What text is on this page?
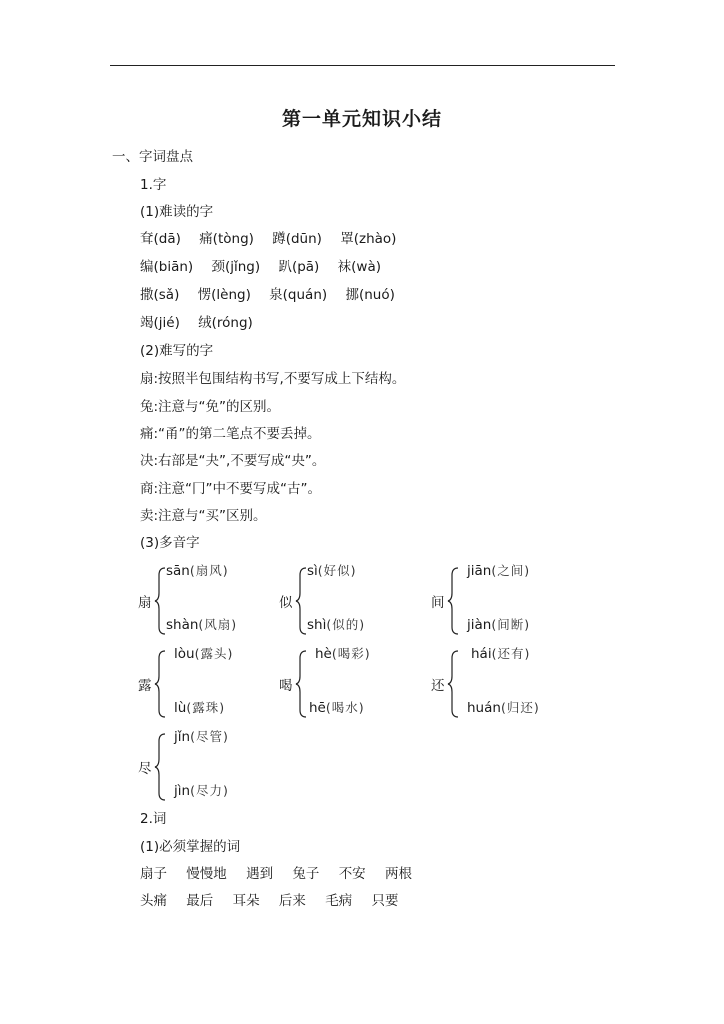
第一单元知识小结
一、字词盘点
1.字
(1)难读的字
耷(dā) 痛(tòng) 蹲(dūn) 罩(zhào)
编(biān) 颈(jǐng) 趴(pā) 袜(wà)
撒(sǎ) 愣(lèng) 泉(quán) 挪(nuó)
竭(jié) 绒(róng)
(2)难写的字
扇:按照半包围结构书写,不要写成上下结构。
兔:注意与“免”的区别。
痛:“甬”的第二笔点不要丢掉。
决:右部是“夬”,不要写成“央”。
商:注意“冂”中不要写成“古”。
卖:注意与“买”区别。
(3)多音字
扇
sān(扇风)
shàn(风扇)
似
sì(好似)
shì(似的)
间
jiān(之间)
jiàn(间断)
露
lòu(露头)
lù(露珠)
喝
hè(喝彩)
hē(喝水)
还
hái(还有)
huán(归还)
尽
jǐn(尽管)
jìn(尽力)
2.词
(1)必须掌握的词
扇子 慢慢地 遇到 兔子 不安 两根
头痛 最后 耳朵 后来 毛病 只要
